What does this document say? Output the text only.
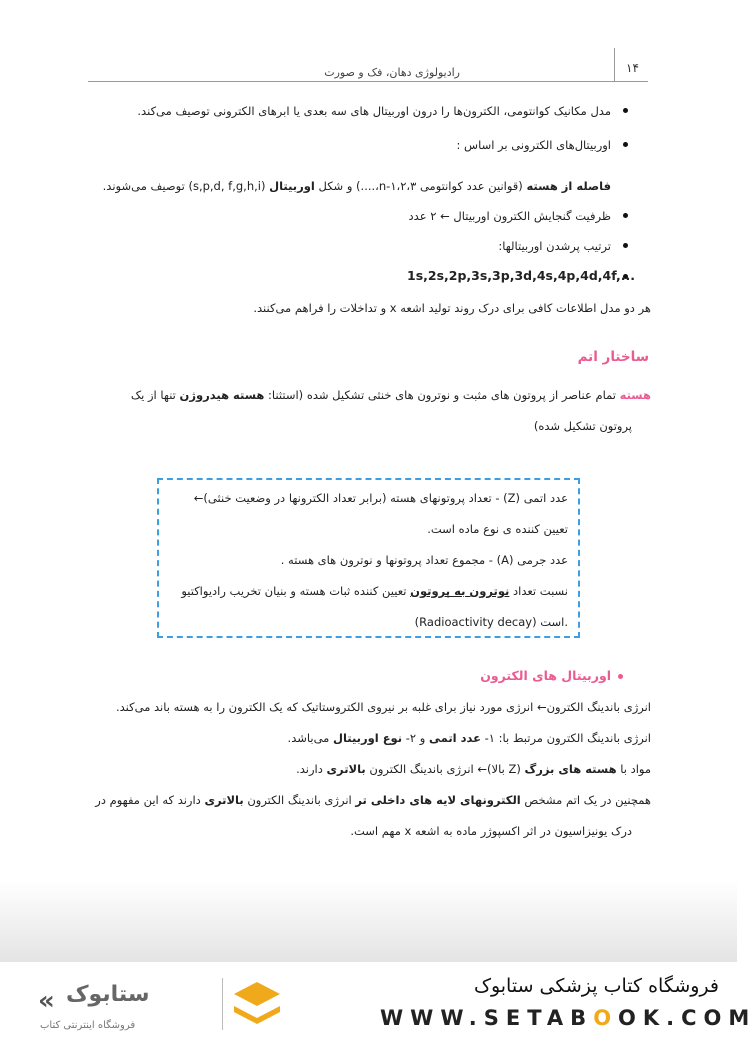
رادیولوژی دهان، فک و صورت	۱۴
مدل مکانیک کوانتومی، الکترون‌ها را درون اوربیتال های سه بعدی یا ابرهای الکترونی توصیف می‌کند.
اوربیتال‌های الکترونی بر اساس :
فاصله از هسته (قوانین عدد کوانتومی n-۱،۲،۳،....) و شکل اوربیتال (s,p,d, f,g,h,i) توصیف می‌شوند.
ظرفیت گنجایش الکترون اوربیتال ← ۲ عدد
ترتیب پرشدن اوربیتالها:
1s,2s,2p,3s,3p,3d,4s,4p,4d,4f,...
هر دو مدل اطلاعات کافی برای درک روند تولید اشعه x و تداخلات را فراهم می‌کنند.
ساختار اتم
هسته تمام عناصر از پروتون های مثبت و نوترون های خنثی تشکیل شده (استثنا: هسته هیدروژن تنها از یک
پروتون تشکیل شده)
عدد اتمی (Z) - تعداد پروتونهای هسته (برابر تعداد الکترونها در وضعیت خنثی)←
تعیین کننده ی نوع ماده است.
عدد جرمی (A) - مجموع تعداد پروتونها و نوترون های هسته .
نسبت تعداد نوترون به پروتون تعیین کننده ثبات هسته و بنیان تخریب رادیواکتیو
(Radioactivity decay) است.
اوربیتال های الکترون
انرژی باندینگ الکترون← انرژی مورد نیاز برای غلبه بر نیروی الکتروستاتیک که یک الکترون را به هسته باند می‌کند.
انرژی باندینگ الکترون مرتبط با: ۱- عدد اتمی و ۲- نوع اوربیتال می‌باشد.
مواد با هسته های بزرگ (Z بالا)← انرژی باندینگ الکترون بالاتری دارند.
همچنین در یک اتم مشخص الکترونهای لایه های داخلی تر انرژی باندینگ الکترون بالاتری دارند که این مفهوم در
درک یونیزاسیون در اثر اکسپوژر ماده به اشعه x مهم است.
« ستابوک
فروشگاه اینترنتی کتاب
فروشگاه کتاب پزشکی ستابوک
WWW.SETABOOK.COM
